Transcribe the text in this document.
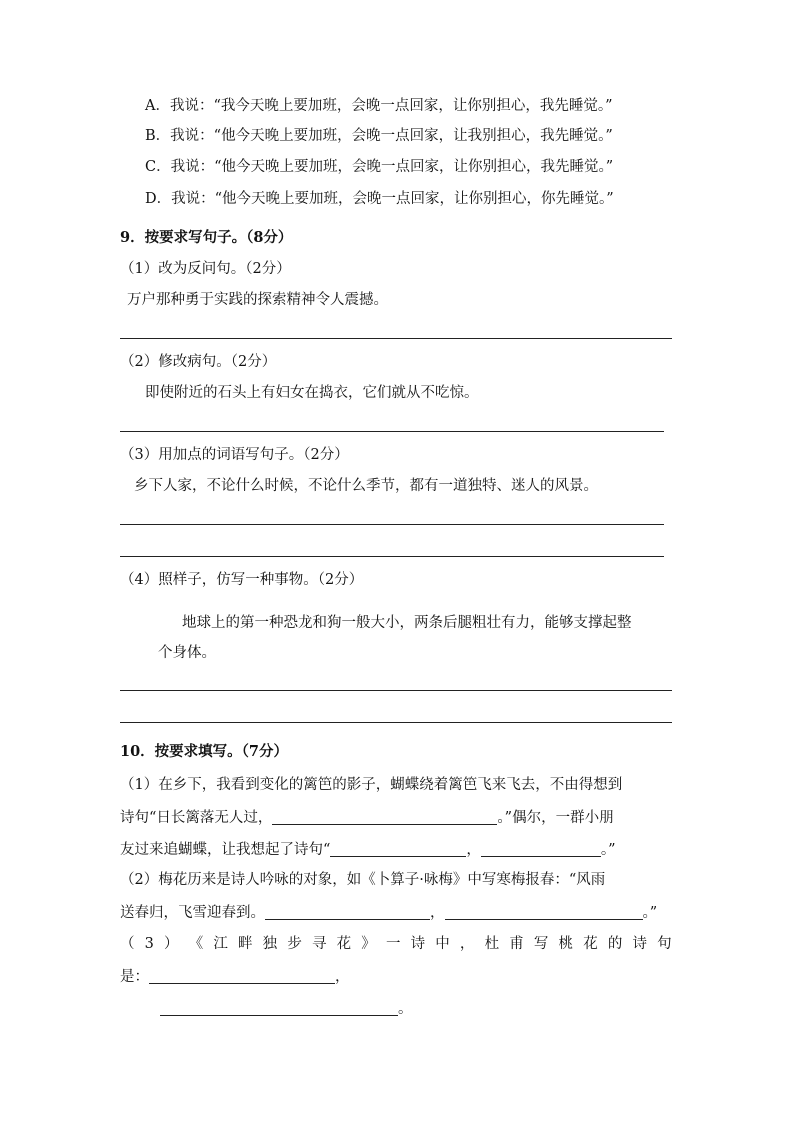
A．我说：“我今天晚上要加班，会晚一点回家，让你别担心，我先睡觉。”
B．我说：“他今天晚上要加班，会晚一点回家，让我别担心，我先睡觉。”
C．我说：“他今天晚上要加班，会晚一点回家，让你别担心，我先睡觉。”
D．我说：“他今天晚上要加班，会晚一点回家，让你别担心，你先睡觉。”
9．按要求写句子。（8分）
（1）改为反问句。（2分）
万户那种勇于实践的探索精神令人震撼。
（2）修改病句。（2分）
即使附近的石头上有妇女在捣衣，它们就从不吃惊。
（3）用加点的词语写句子。（2分）
乡下人家，不论什么时候，不论什么季节，都有一道独特、迷人的风景。
（4）照样子，仿写一种事物。（2分）
地球上的第一种恐龙和狗一般大小，两条后腿粗壮有力，能够支撑起整
个身体。
10．按要求填写。（7分）
（1）在乡下，我看到变化的篱笆的影子，蝴蝶绕着篱笆飞来飞去，不由得想到
诗句“日长篱落无人过，	。”偶尔，一群小朋
友过来追蝴蝶，让我想起了诗句“	，	。”
（2）梅花历来是诗人吟咏的对象，如《卜算子·咏梅》中写寒梅报春：“风雨
送春归，飞雪迎春到。	，	。”
（ 3 ） 《 江 畔 独 步 寻 花 》 一 诗 中 ， 杜 甫 写 桃 花 的 诗 句
是：	，
。
